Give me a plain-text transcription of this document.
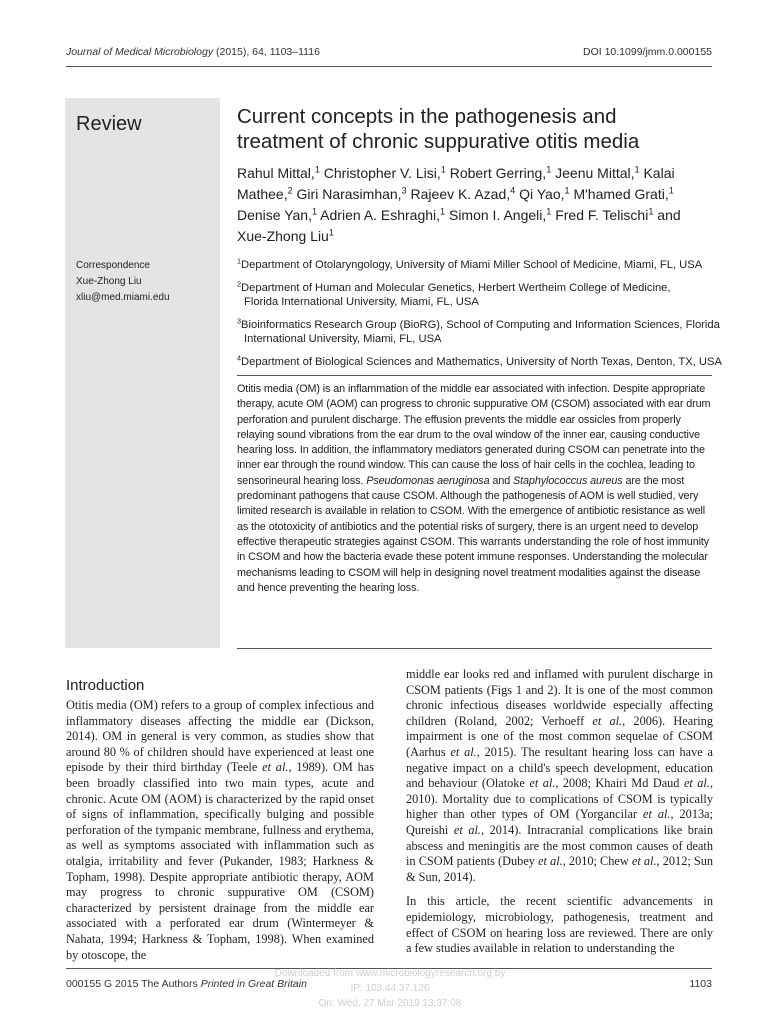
Journal of Medical Microbiology (2015), 64, 1103–1116	DOI 10.1099/jmm.0.000155
Review
Correspondence
Xue-Zhong Liu
xliu@med.miami.edu
Current concepts in the pathogenesis and
treatment of chronic suppurative otitis media
Rahul Mittal,$^1$ Christopher V. Lisi,$^1$ Robert Gerring,$^1$ Jeenu Mittal,$^1$ Kalai Mathee,$^2$ Giri Narasimhan,$^3$ Rajeev K. Azad,$^4$ Qi Yao,$^1$ M'hamed Grati,$^1$ Denise Yan,$^1$ Adrien A. Eshraghi,$^1$ Simon I. Angeli,$^1$ Fred F. Telischi$^1$ and Xue-Zhong Liu$^1$
$^1$Department of Otolaryngology, University of Miami Miller School of Medicine, Miami, FL, USA
$^2$Department of Human and Molecular Genetics, Herbert Wertheim College of Medicine,
Florida International University, Miami, FL, USA
$^3$Bioinformatics Research Group (BioRG), School of Computing and Information Sciences, Florida
International University, Miami, FL, USA
$^4$Department of Biological Sciences and Mathematics, University of North Texas, Denton, TX, USA
Otitis media (OM) is an inflammation of the middle ear associated with infection. Despite appropriate therapy, acute OM (AOM) can progress to chronic suppurative OM (CSOM) associated with ear drum perforation and purulent discharge. The effusion prevents the middle ear ossicles from properly relaying sound vibrations from the ear drum to the oval window of the inner ear, causing conductive hearing loss. In addition, the inflammatory mediators generated during CSOM can penetrate into the inner ear through the round window. This can cause the loss of hair cells in the cochlea, leading to sensorineural hearing loss. Pseudomonas aeruginosa and Staphylococcus aureus are the most predominant pathogens that cause CSOM. Although the pathogenesis of AOM is well studied, very limited research is available in relation to CSOM. With the emergence of antibiotic resistance as well as the ototoxicity of antibiotics and the potential risks of surgery, there is an urgent need to develop effective therapeutic strategies against CSOM. This warrants understanding the role of host immunity in CSOM and how the bacteria evade these potent immune responses. Understanding the molecular mechanisms leading to CSOM will help in designing novel treatment modalities against the disease and hence preventing the hearing loss.
Introduction
Otitis media (OM) refers to a group of complex infectious and inflammatory diseases affecting the middle ear (Dickson, 2014). OM in general is very common, as studies show that around 80 % of children should have experienced at least one episode by their third birthday (Teele et al., 1989). OM has been broadly classified into two main types, acute and chronic. Acute OM (AOM) is characterized by the rapid onset of signs of inflammation, specifically bulging and possible perforation of the tympanic membrane, fullness and erythema, as well as symptoms associated with inflammation such as otalgia, irritability and fever (Pukander, 1983; Harkness & Topham, 1998). Despite appropriate antibiotic therapy, AOM may progress to chronic suppurative OM (CSOM) characterized by persistent drainage from the middle ear associated with a perforated ear drum (Wintermeyer & Nahata, 1994; Harkness & Topham, 1998). When examined by otoscope, the
middle ear looks red and inflamed with purulent discharge in CSOM patients (Figs 1 and 2). It is one of the most common chronic infectious diseases worldwide especially affecting children (Roland, 2002; Verhoeff et al., 2006). Hearing impairment is one of the most common sequelae of CSOM (Aarhus et al., 2015). The resultant hearing loss can have a negative impact on a child's speech development, education and behaviour (Olatoke et al., 2008; Khairi Md Daud et al., 2010). Mortality due to complications of CSOM is typically higher than other types of OM (Yorgancilar et al., 2013a; Qureishi et al., 2014). Intracranial complications like brain abscess and meningitis are the most common causes of death in CSOM patients (Dubey et al., 2010; Chew et al., 2012; Sun & Sun, 2014).
In this article, the recent scientific advancements in epidemiology, microbiology, pathogenesis, treatment and effect of CSOM on hearing loss are reviewed. There are only a few studies available in relation to understanding the
000155 G 2015 The Authors Printed in Great Britain	1103
Downloaded from www.microbiologyresearch.org by
IP: 103.44.37.126
On: Wed, 27 Mar 2019 13:37:08
